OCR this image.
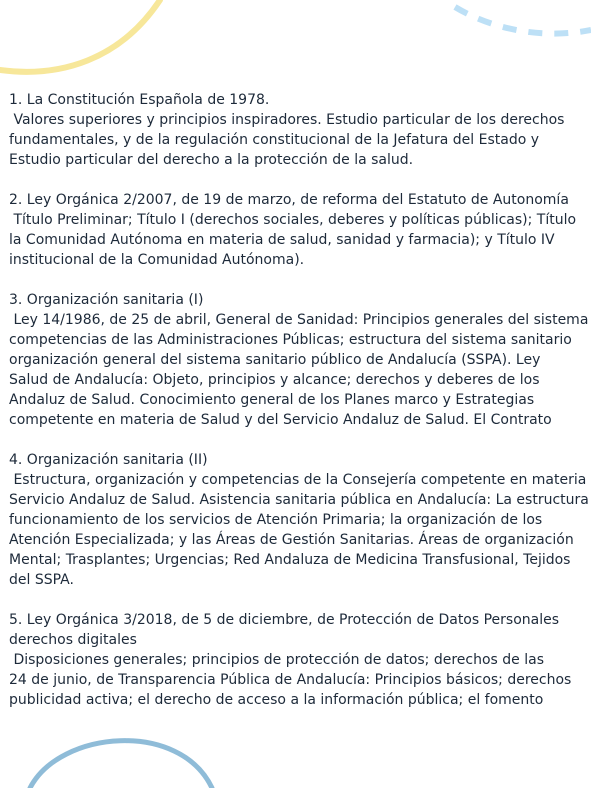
1. La Constitución Española de 1978.

Valores superiores y principios inspiradores. Estudio particular de los derechos

fundamentales, y de la regulación constitucional de la Jefatura del Estado y

Estudio particular del derecho a la protección de la salud.

2. Ley Orgánica 2/2007, de 19 de marzo, de reforma del Estatuto de Autonomía

Título Preliminar; Título I (derechos sociales, deberes y políticas públicas); Título

la Comunidad Autónoma en materia de salud, sanidad y farmacia); y Título IV

institucional de la Comunidad Autónoma).

3. Organización sanitaria (I)

Ley 14/1986, de 25 de abril, General de Sanidad: Principios generales del sistema

competencias de las Administraciones Públicas; estructura del sistema sanitario

organización general del sistema sanitario público de Andalucía (SSPA). Ley

Salud de Andalucía: Objeto, principios y alcance; derechos y deberes de los

Andaluz de Salud. Conocimiento general de los Planes marco y Estrategias

competente en materia de Salud y del Servicio Andaluz de Salud. El Contrato

4. Organización sanitaria (II)

Estructura, organización y competencias de la Consejería competente en materia

Servicio Andaluz de Salud. Asistencia sanitaria pública en Andalucía: La estructura

funcionamiento de los servicios de Atención Primaria; la organización de los

Atención Especializada; y las Áreas de Gestión Sanitarias. Áreas de organización

Mental; Trasplantes; Urgencias; Red Andaluza de Medicina Transfusional, Tejidos

del SSPA.

5. Ley Orgánica 3/2018, de 5 de diciembre, de Protección de Datos Personales

derechos digitales

Disposiciones generales; principios de protección de datos; derechos de las

24 de junio, de Transparencia Pública de Andalucía: Principios básicos; derechos

publicidad activa; el derecho de acceso a la información pública; el fomento
